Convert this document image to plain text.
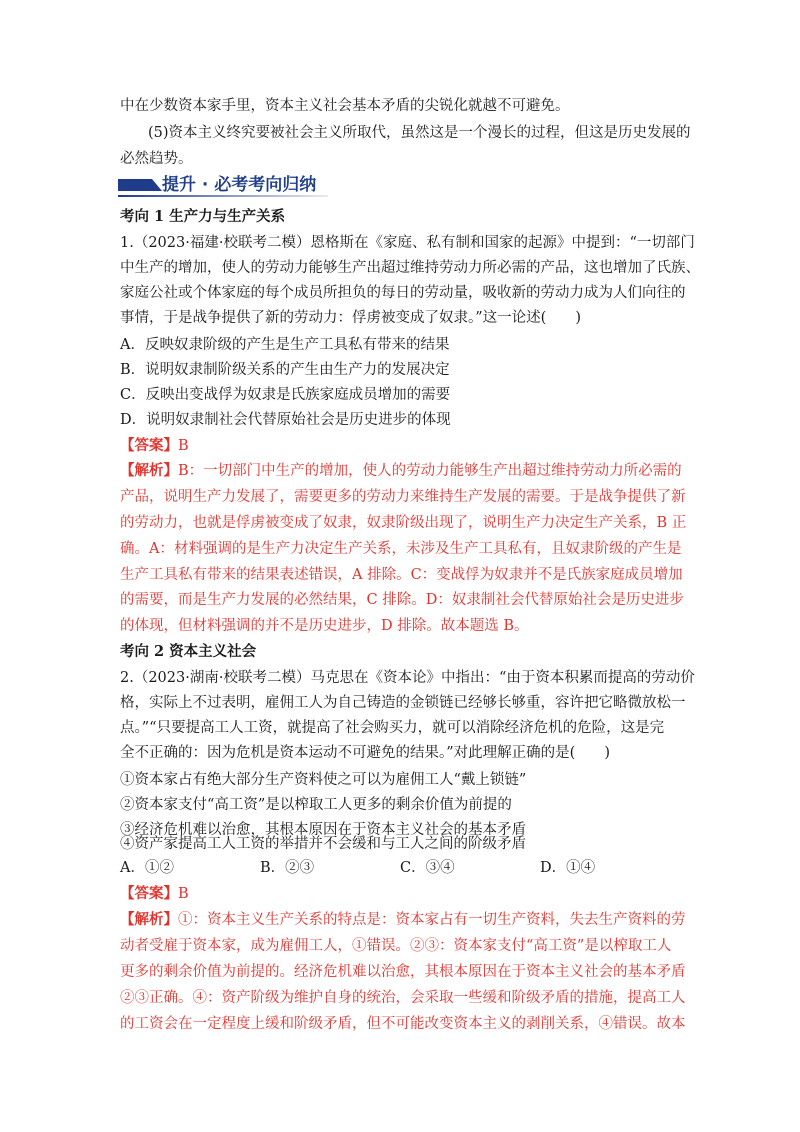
中在少数资本家手里，资本主义社会基本矛盾的尖锐化就越不可避免。
(5)资本主义终究要被社会主义所取代，虽然这是一个漫长的过程，但这是历史发展的
必然趋势。
提升 · 必考考向归纳
考向 1 生产力与生产关系
1.（2023·福建·校联考二模）恩格斯在《家庭、私有制和国家的起源》中提到：“一切部门
中生产的增加，使人的劳动力能够生产出超过维持劳动力所必需的产品，这也增加了氏族、
家庭公社或个体家庭的每个成员所担负的每日的劳动量，吸收新的劳动力成为人们向往的
事情，于是战争提供了新的劳动力：俘虏被变成了奴隶。”这一论述(　　)
A．反映奴隶阶级的产生是生产工具私有带来的结果
B．说明奴隶制阶级关系的产生由生产力的发展决定
C．反映出变战俘为奴隶是氏族家庭成员增加的需要
D．说明奴隶制社会代替原始社会是历史进步的体现
【答案】B
【解析】B：一切部门中生产的增加，使人的劳动力能够生产出超过维持劳动力所必需的
产品，说明生产力发展了，需要更多的劳动力来维持生产发展的需要。于是战争提供了新
的劳动力，也就是俘虏被变成了奴隶，奴隶阶级出现了，说明生产力决定生产关系，B 正
确。A：材料强调的是生产力决定生产关系，未涉及生产工具私有，且奴隶阶级的产生是
生产工具私有带来的结果表述错误，A 排除。C：变战俘为奴隶并不是氏族家庭成员增加
的需要，而是生产力发展的必然结果，C 排除。D：奴隶制社会代替原始社会是历史进步
的体现，但材料强调的并不是历史进步，D 排除。故本题选 B。
考向 2 资本主义社会
2.（2023·湖南·校联考二模）马克思在《资本论》中指出：“由于资本积累而提高的劳动价
格，实际上不过表明，雇佣工人为自己铸造的金锁链已经够长够重，容许把它略微放松一
点。”“只要提高工人工资，就提高了社会购买力，就可以消除经济危机的危险，这是完
全不正确的：因为危机是资本运动不可避免的结果。”对此理解正确的是(　　)
①资本家占有绝大部分生产资料使之可以为雇佣工人“戴上锁链”
②资本家支付“高工资”是以榨取工人更多的剩余价值为前提的
③经济危机难以治愈，其根本原因在于资本主义社会的基本矛盾
④资产家提高工人工资的举措并不会缓和与工人之间的阶级矛盾
A．①②	B．②③	C．③④	D．①④
【答案】B
【解析】①：资本主义生产关系的特点是：资本家占有一切生产资料，失去生产资料的劳
动者受雇于资本家，成为雇佣工人，①错误。②③：资本家支付“高工资”是以榨取工人
更多的剩余价值为前提的。经济危机难以治愈，其根本原因在于资本主义社会的基本矛盾
②③正确。④：资产阶级为维护自身的统治，会采取一些缓和阶级矛盾的措施，提高工人
的工资会在一定程度上缓和阶级矛盾，但不可能改变资本主义的剥削关系，④错误。故本
